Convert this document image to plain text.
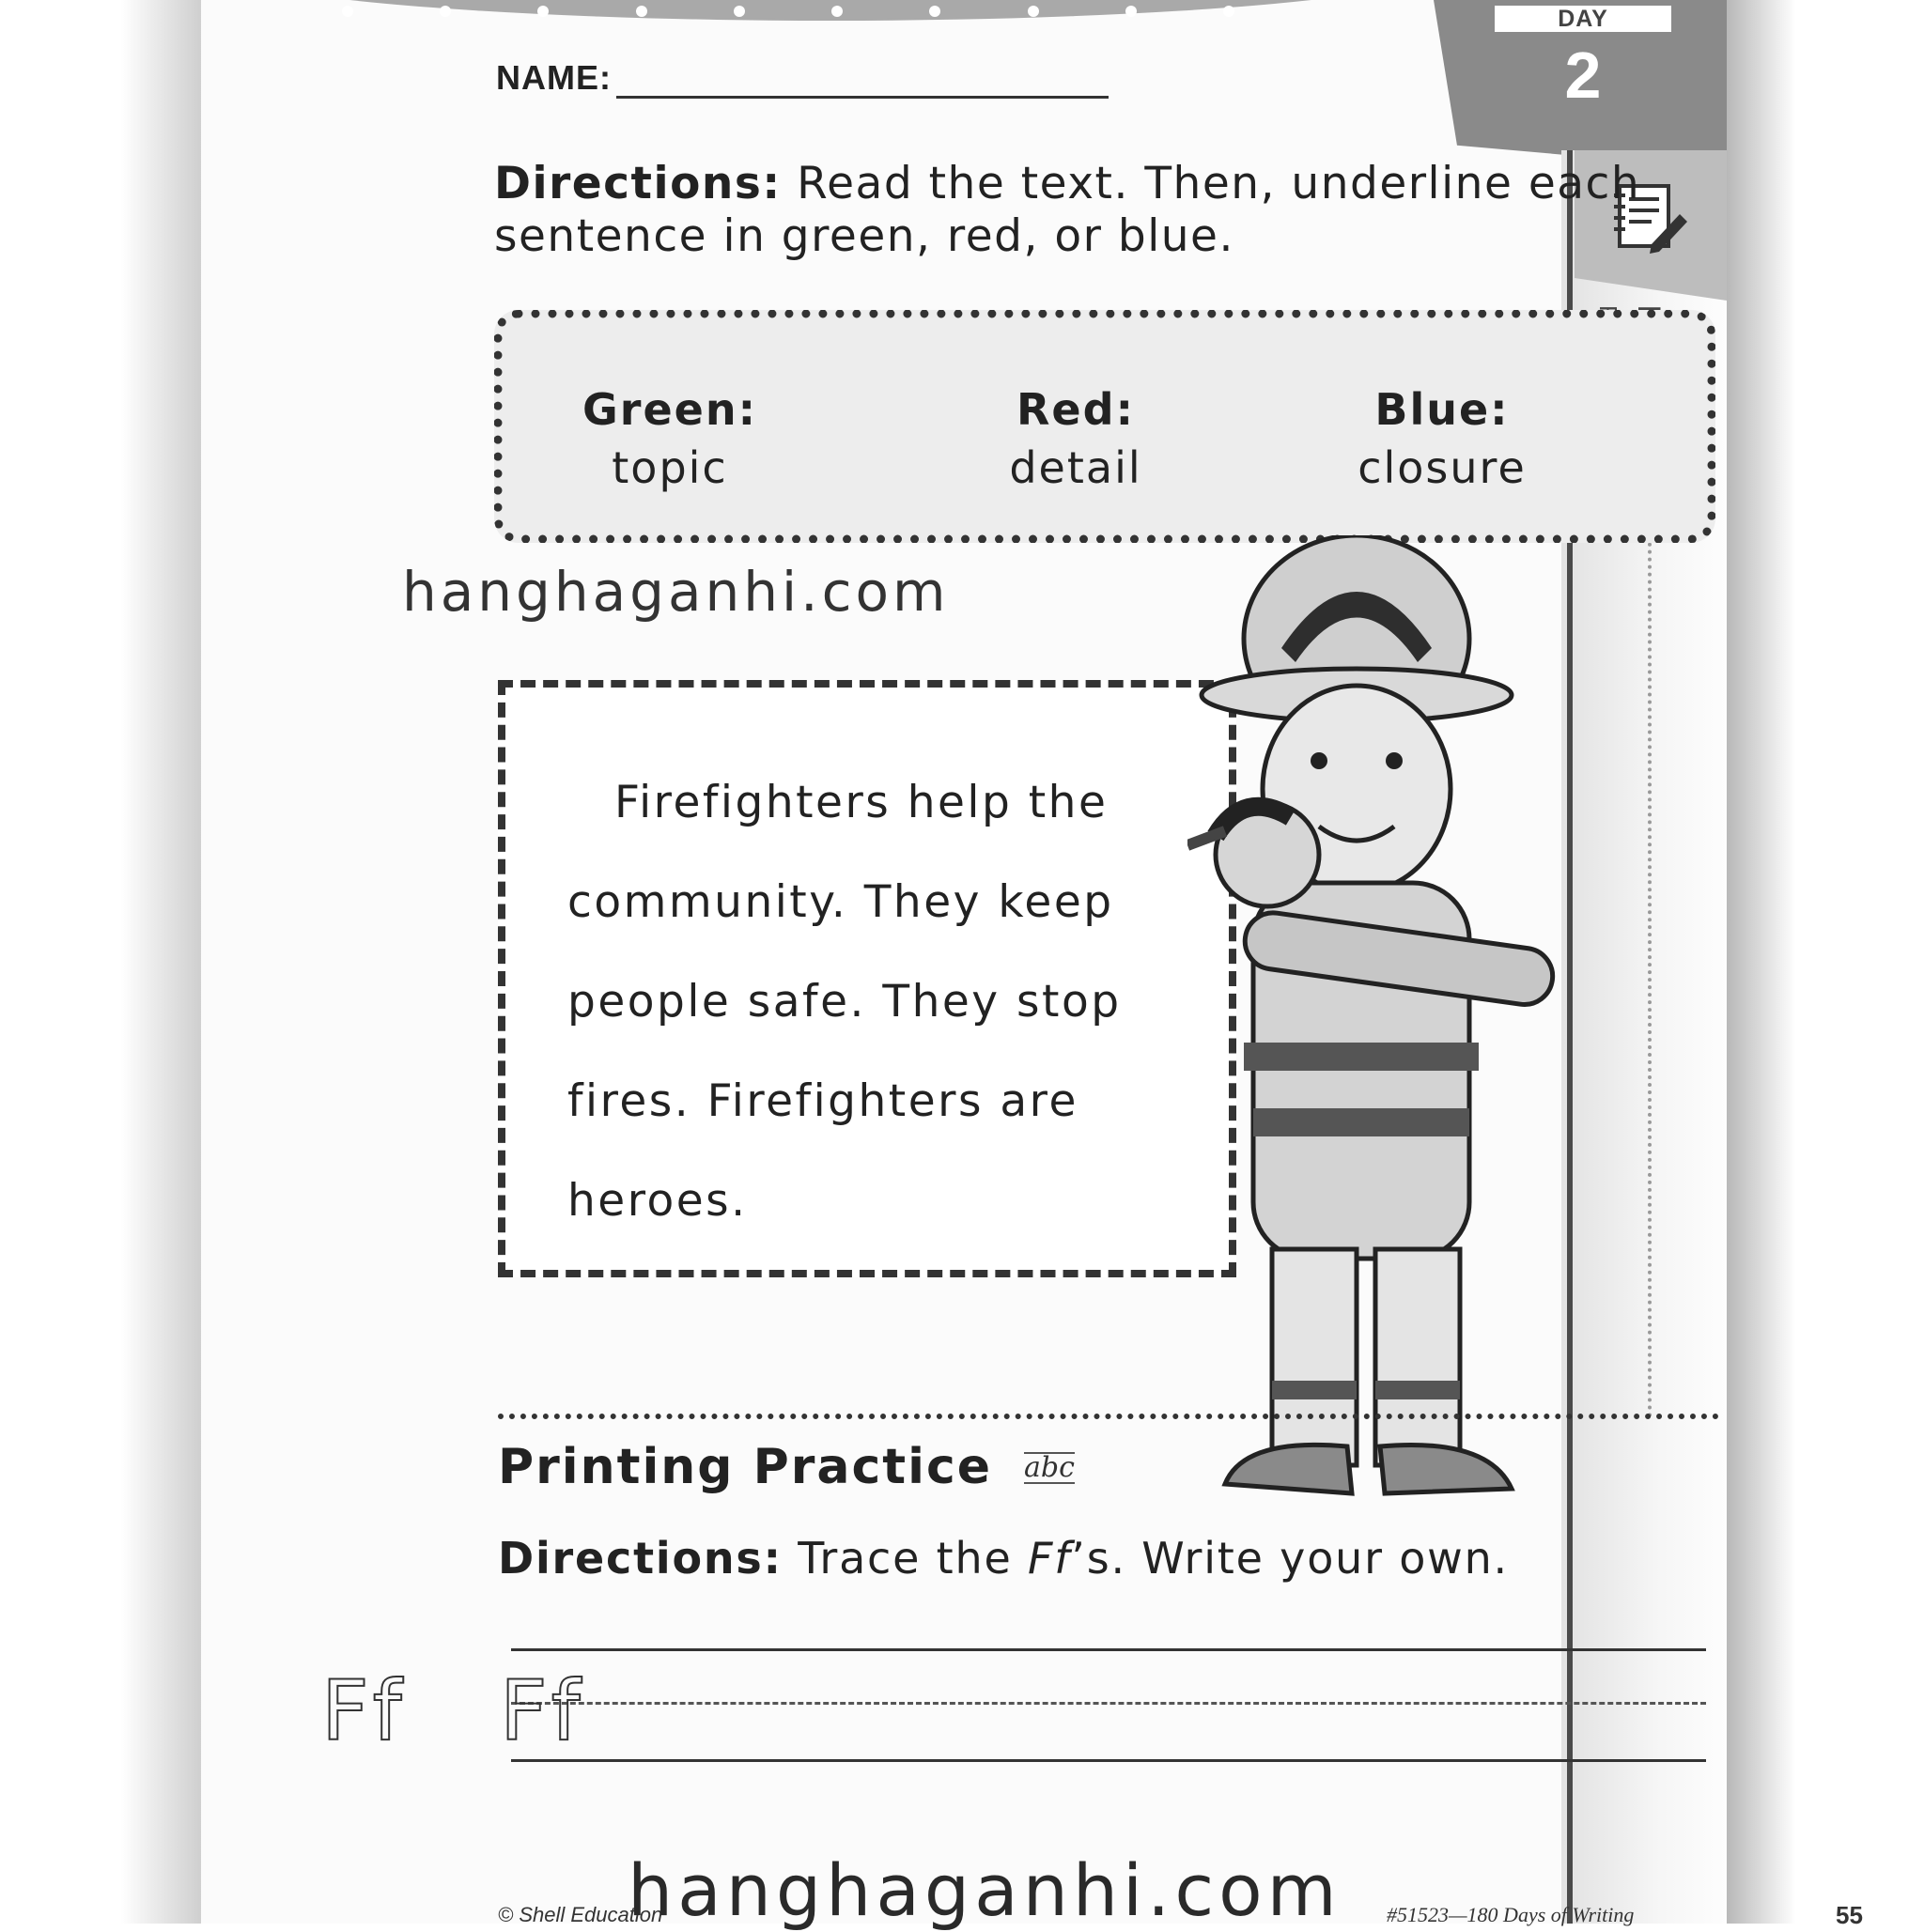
DAY
2
NAME:
Directions: Read the text. Then, underline each sentence in green, red, or blue.
Green:
topic
Red:
detail
Blue:
closure

Firefighters help the community. They keep people safe. They stop fires. Firefighters are heroes.

Printing Practice abc
Directions: Trace the Ff’s. Write your own.
Ff Ff
© Shell Education	#51523—180 Days of Writing	55
hanghaganhi.com
hanghaganhi.com
